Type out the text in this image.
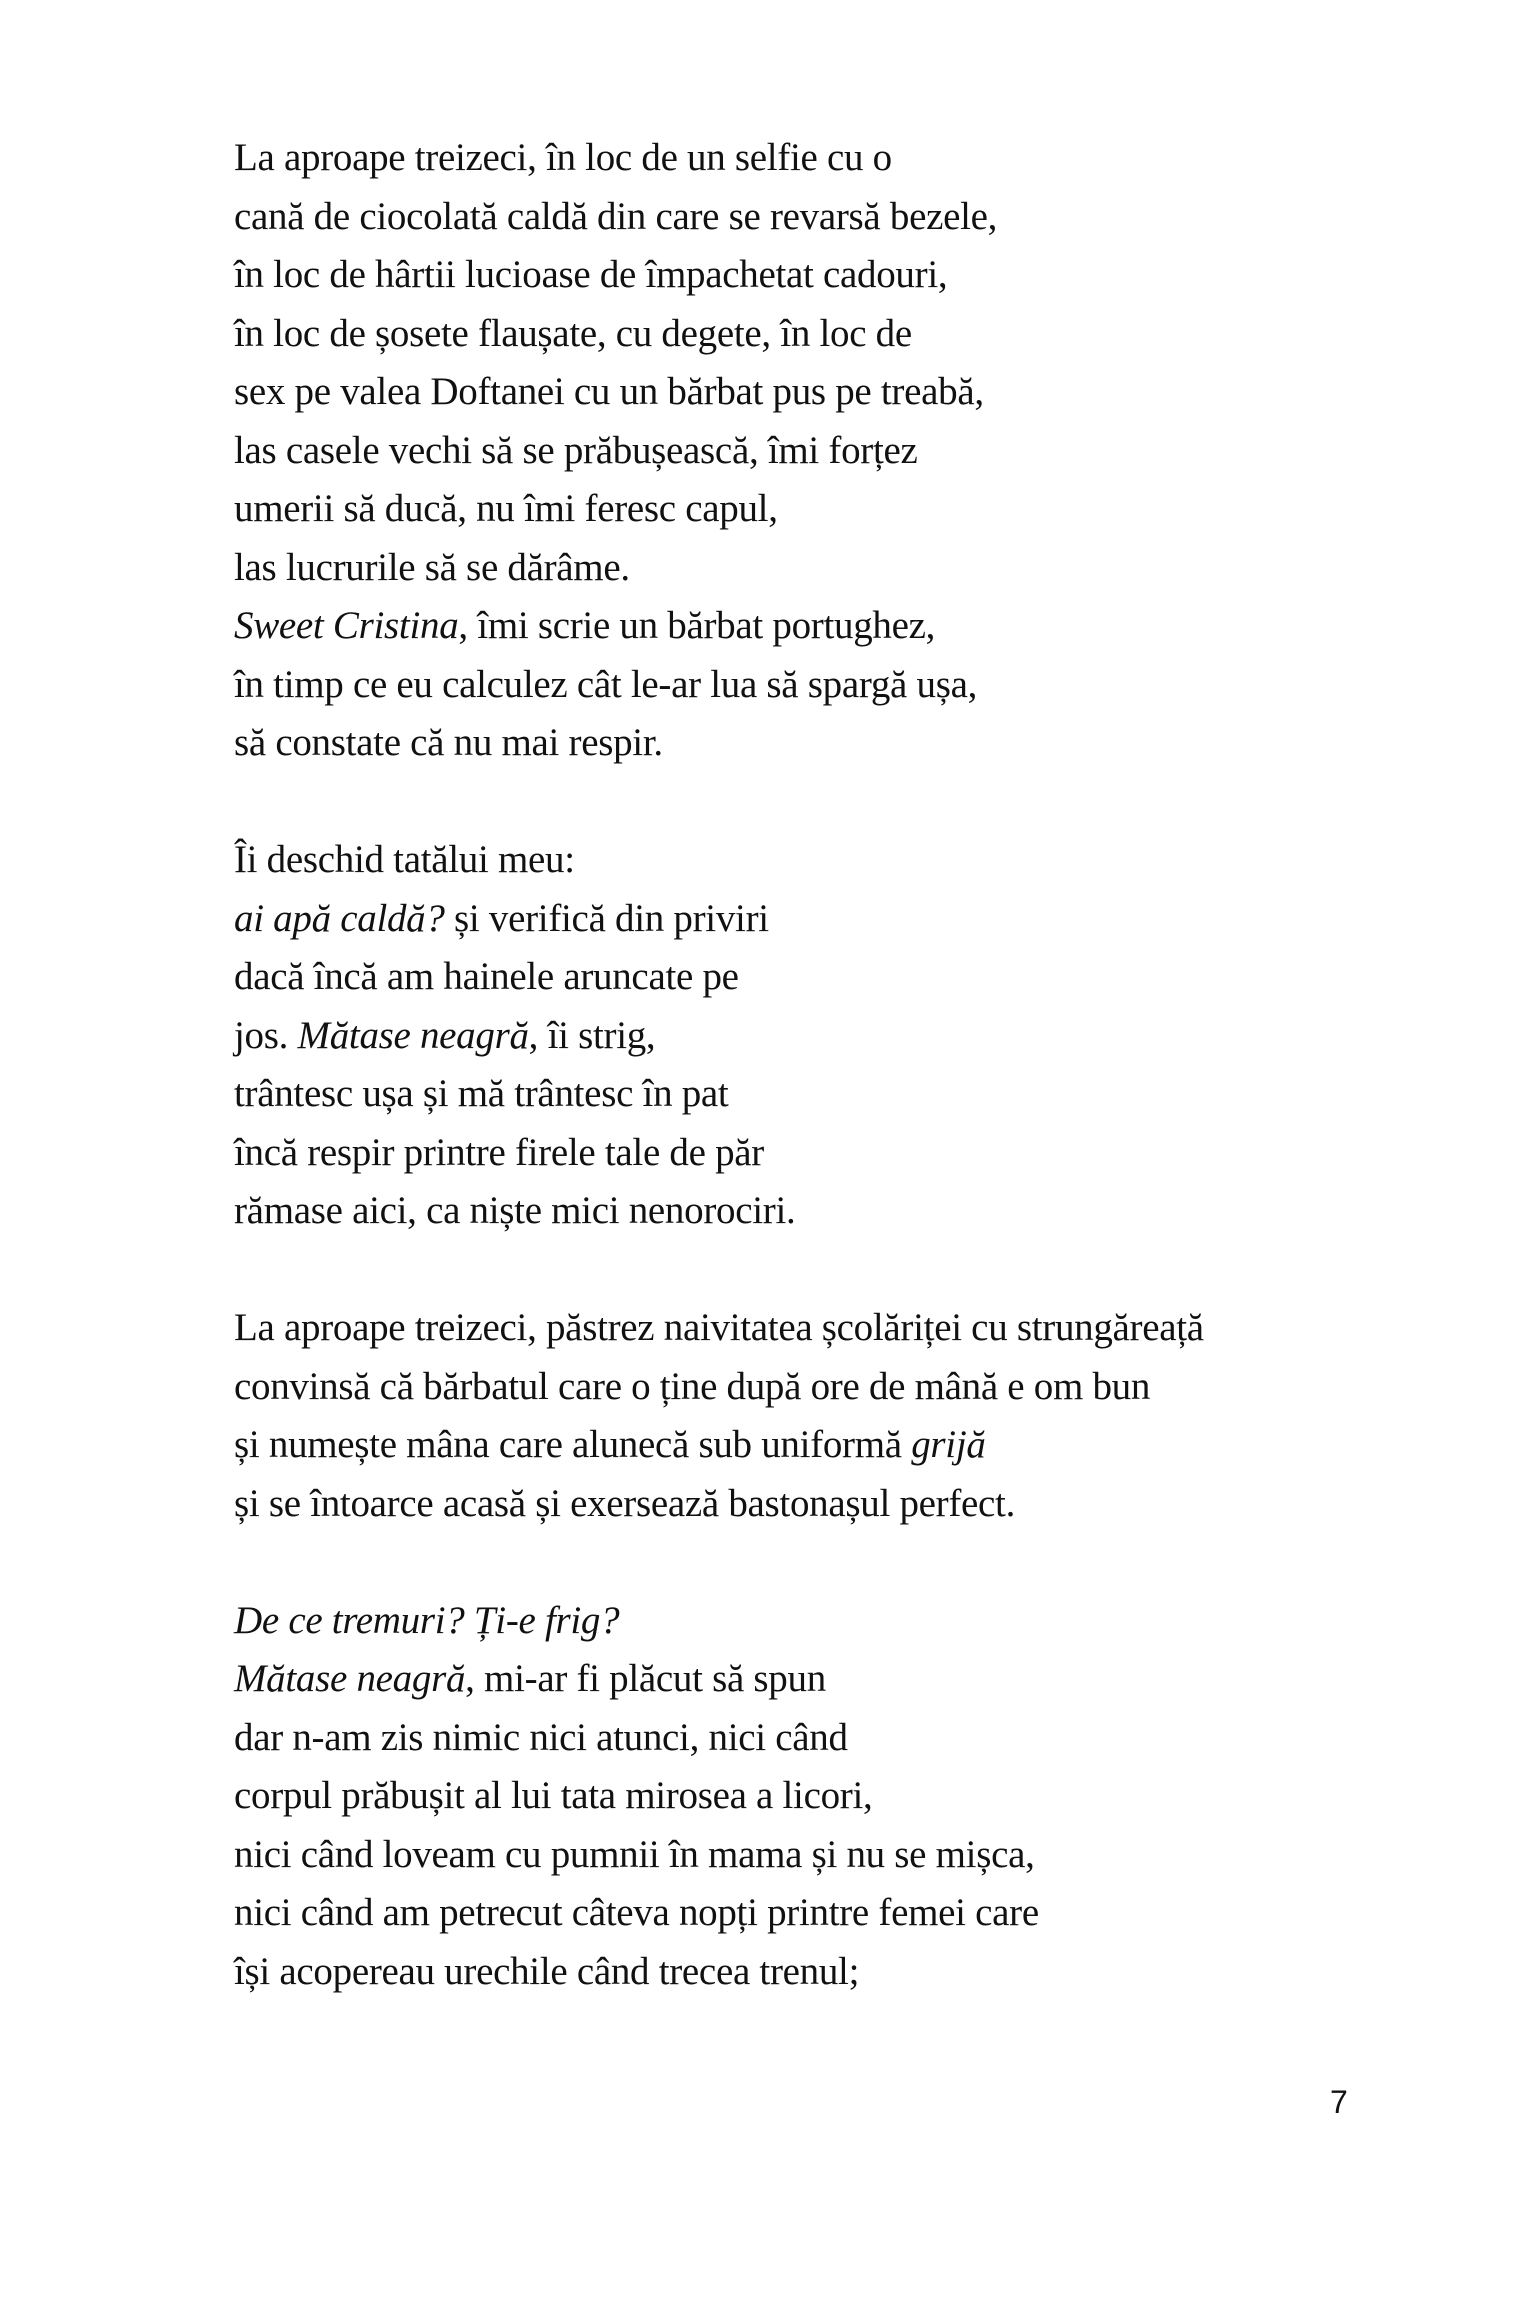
La aproape treizeci, în loc de un selfie cu o
cană de ciocolată caldă din care se revarsă bezele,
în loc de hârtii lucioase de împachetat cadouri,
în loc de șosete flaușate, cu degete, în loc de
sex pe valea Doftanei cu un bărbat pus pe treabă,
las casele vechi să se prăbușească, îmi forțez
umerii să ducă, nu îmi feresc capul,
las lucrurile să se dărâme.
Sweet Cristina, îmi scrie un bărbat portughez,
în timp ce eu calculez cât le-ar lua să spargă ușa,
să constate că nu mai respir.
Îi deschid tatălui meu:
ai apă caldă? și verifică din priviri
dacă încă am hainele aruncate pe
jos. Mătase neagră, îi strig,
trântesc ușa și mă trântesc în pat
încă respir printre firele tale de păr
rămase aici, ca niște mici nenorociri.
La aproape treizeci, păstrez naivitatea școlăriței cu strungăreață
convinsă că bărbatul care o ține după ore de mână e om bun
și numește mâna care alunecă sub uniformă grijă
și se întoarce acasă și exersează bastonașul perfect.
De ce tremuri? Ți-e frig?
Mătase neagră, mi-ar fi plăcut să spun
dar n-am zis nimic nici atunci, nici când
corpul prăbușit al lui tata mirosea a licori,
nici când loveam cu pumnii în mama și nu se mișca,
nici când am petrecut câteva nopți printre femei care
își acopereau urechile când trecea trenul;
7
